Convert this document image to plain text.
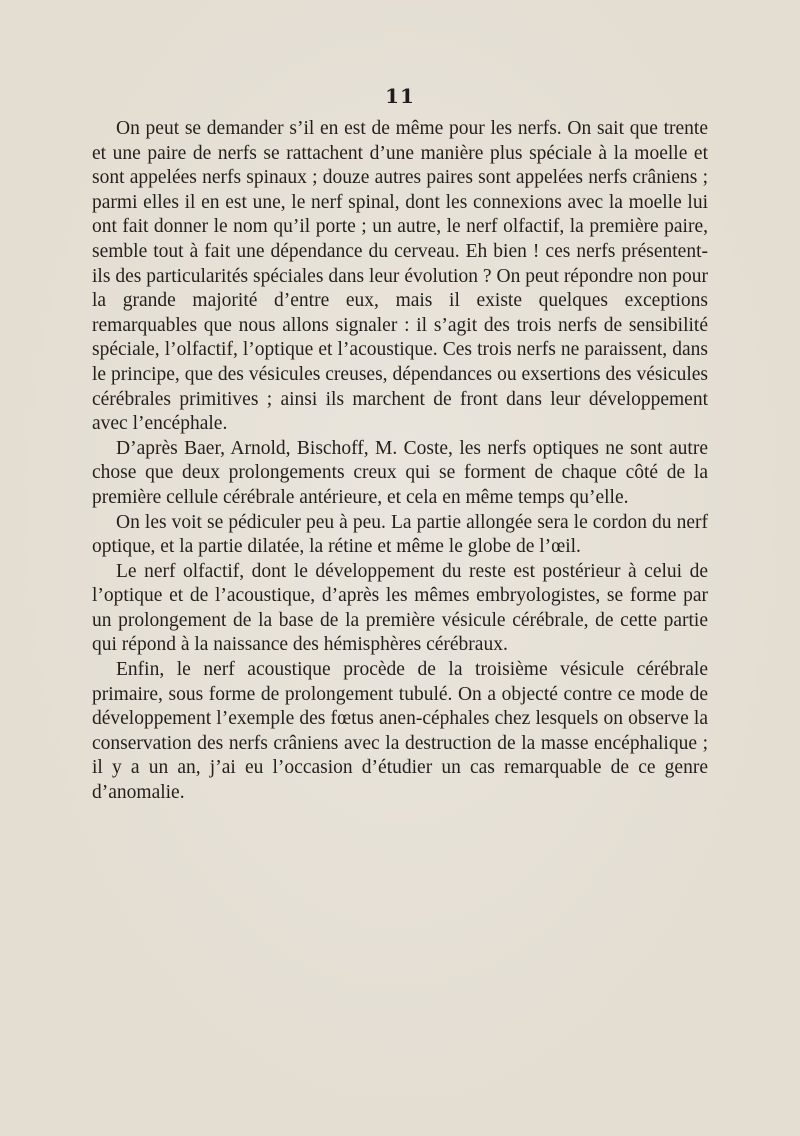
11

On peut se demander s’il en est de même pour les nerfs. On sait que trente et une paire de nerfs se rattachent d’une manière plus spéciale à la moelle et sont appelées nerfs spinaux ; douze autres paires sont appelées nerfs crâniens ; parmi elles il en est une, le nerf spinal, dont les connexions avec la moelle lui ont fait donner le nom qu’il porte ; un autre, le nerf olfactif, la première paire, semble tout à fait une dépendance du cerveau. Eh bien ! ces nerfs présentent-ils des particularités spéciales dans leur évolution ? On peut répondre non pour la grande majorité d’entre eux, mais il existe quelques exceptions remarquables que nous allons signaler : il s’agit des trois nerfs de sensibilité spéciale, l’olfactif, l’optique et l’acoustique. Ces trois nerfs ne paraissent, dans le principe, que des vésicules creuses, dépendances ou exsertions des vésicules cérébrales primitives ; ainsi ils marchent de front dans leur développement avec l’encéphale.

D’après Baer, Arnold, Bischoff, M. Coste, les nerfs optiques ne sont autre chose que deux prolongements creux qui se forment de chaque côté de la première cellule cérébrale antérieure, et cela en même temps qu’elle.

On les voit se pédiculer peu à peu. La partie allongée sera le cordon du nerf optique, et la partie dilatée, la rétine et même le globe de l’œil.

Le nerf olfactif, dont le développement du reste est postérieur à celui de l’optique et de l’acoustique, d’après les mêmes embryologistes, se forme par un prolongement de la base de la première vésicule cérébrale, de cette partie qui répond à la naissance des hémisphères cérébraux.

Enfin, le nerf acoustique procède de la troisième vésicule cérébrale primaire, sous forme de prolongement tubulé. On a objecté contre ce mode de développement l’exemple des fœtus anen-céphales chez lesquels on observe la conservation des nerfs crâniens avec la destruction de la masse encéphalique ; il y a un an, j’ai eu l’occasion d’étudier un cas remarquable de ce genre d’anomalie.
